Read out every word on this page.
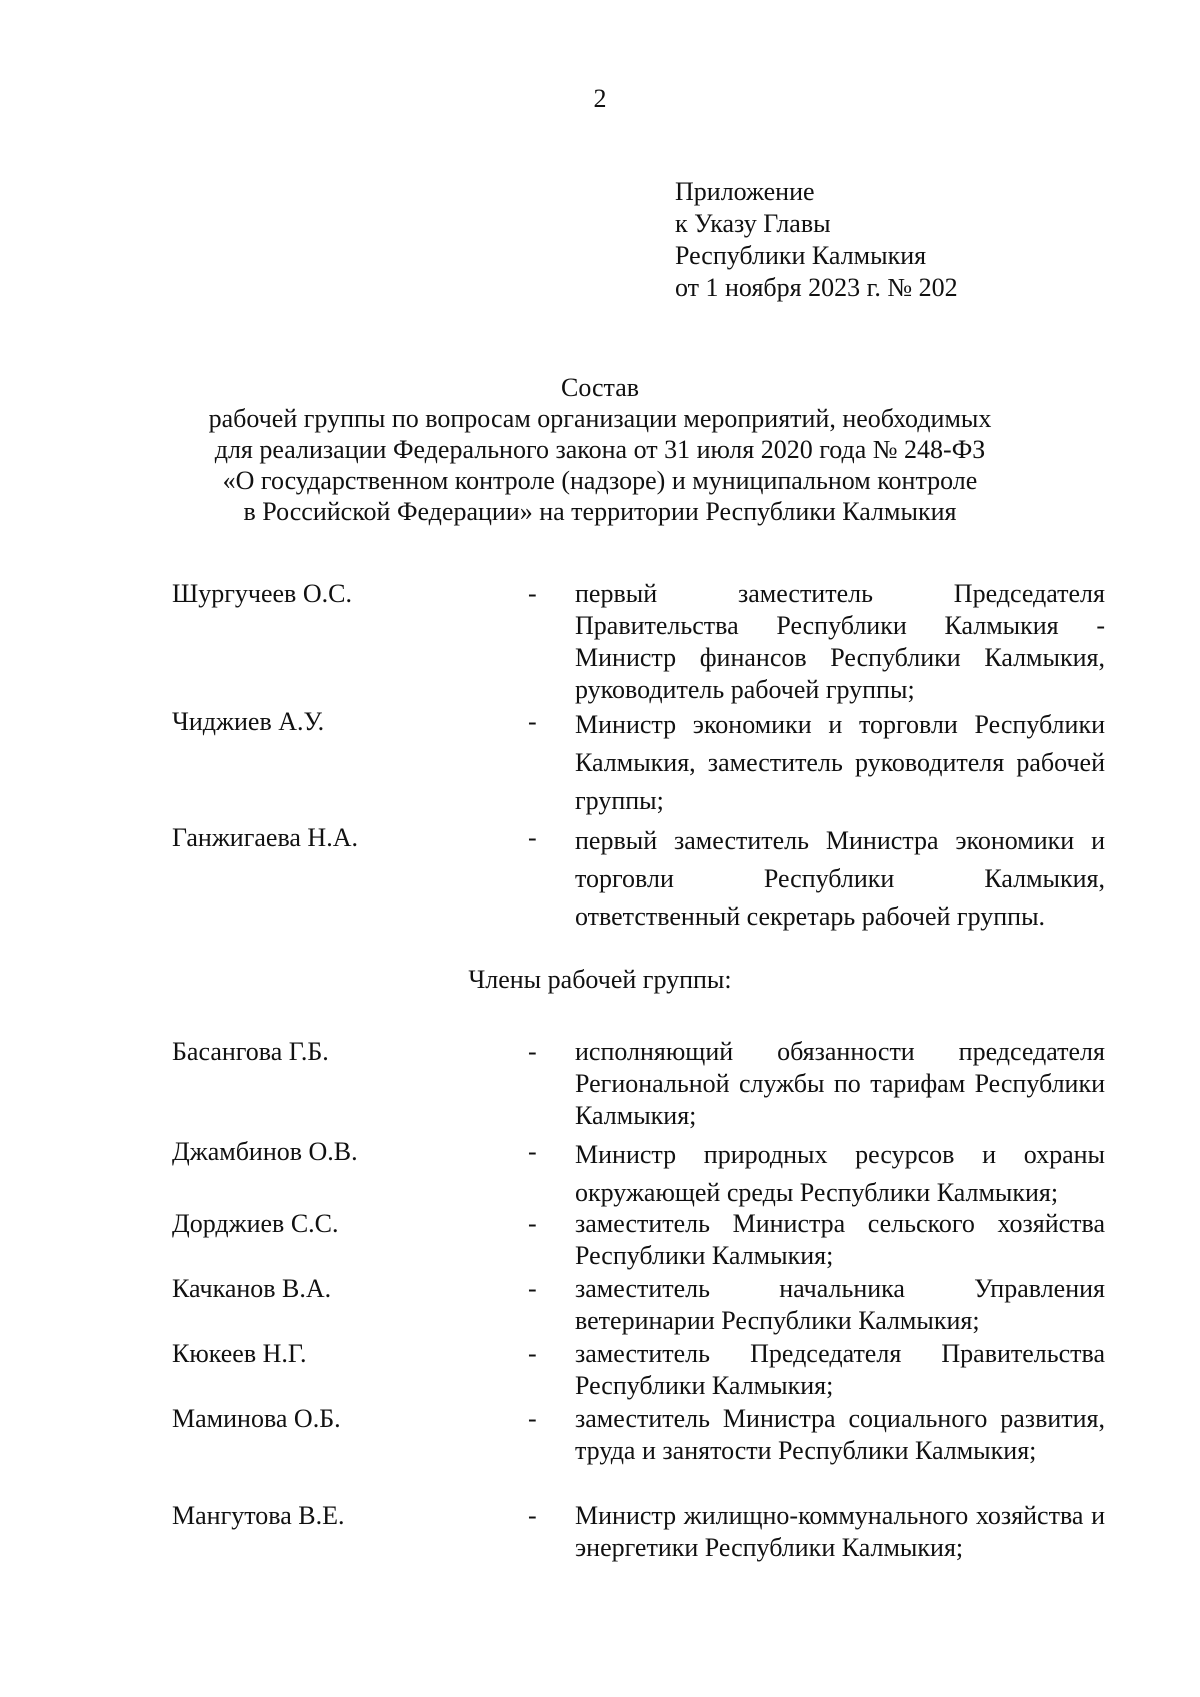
2
Приложение
к Указу Главы
Республики Калмыкия
от 1 ноября 2023 г. № 202
Состав
рабочей группы по вопросам организации мероприятий, необходимых
для реализации Федерального закона от 31 июля 2020 года № 248-ФЗ
«О государственном контроле (надзоре) и муниципальном контроле
в Российской Федерации» на территории Республики Калмыкия
Шургучеев О.С.	- первый заместитель Председателя Правительства Республики Калмыкия - Министр финансов Республики Калмыкия, руководитель рабочей группы;
Чиджиев А.У.	- Министр экономики и торговли Республики Калмыкия, заместитель руководителя рабочей группы;
Ганжигаева Н.А.	- первый заместитель Министра экономики и торговли Республики Калмыкия, ответственный секретарь рабочей группы.
Члены рабочей группы:
Басангова Г.Б.	- исполняющий обязанности председателя Региональной службы по тарифам Республики Калмыкия;
Джамбинов О.В.	- Министр природных ресурсов и охраны окружающей среды Республики Калмыкия;
Дорджиев С.С.	- заместитель Министра сельского хозяйства Республики Калмыкия;
Качканов В.А.	- заместитель начальника Управления ветеринарии Республики Калмыкия;
Кюкеев Н.Г.	- заместитель Председателя Правительства Республики Калмыкия;
Маминова О.Б.	- заместитель Министра социального развития, труда и занятости Республики Калмыкия;
Мангутова В.Е.	- Министр жилищно-коммунального хозяйства и энергетики Республики Калмыкия;
